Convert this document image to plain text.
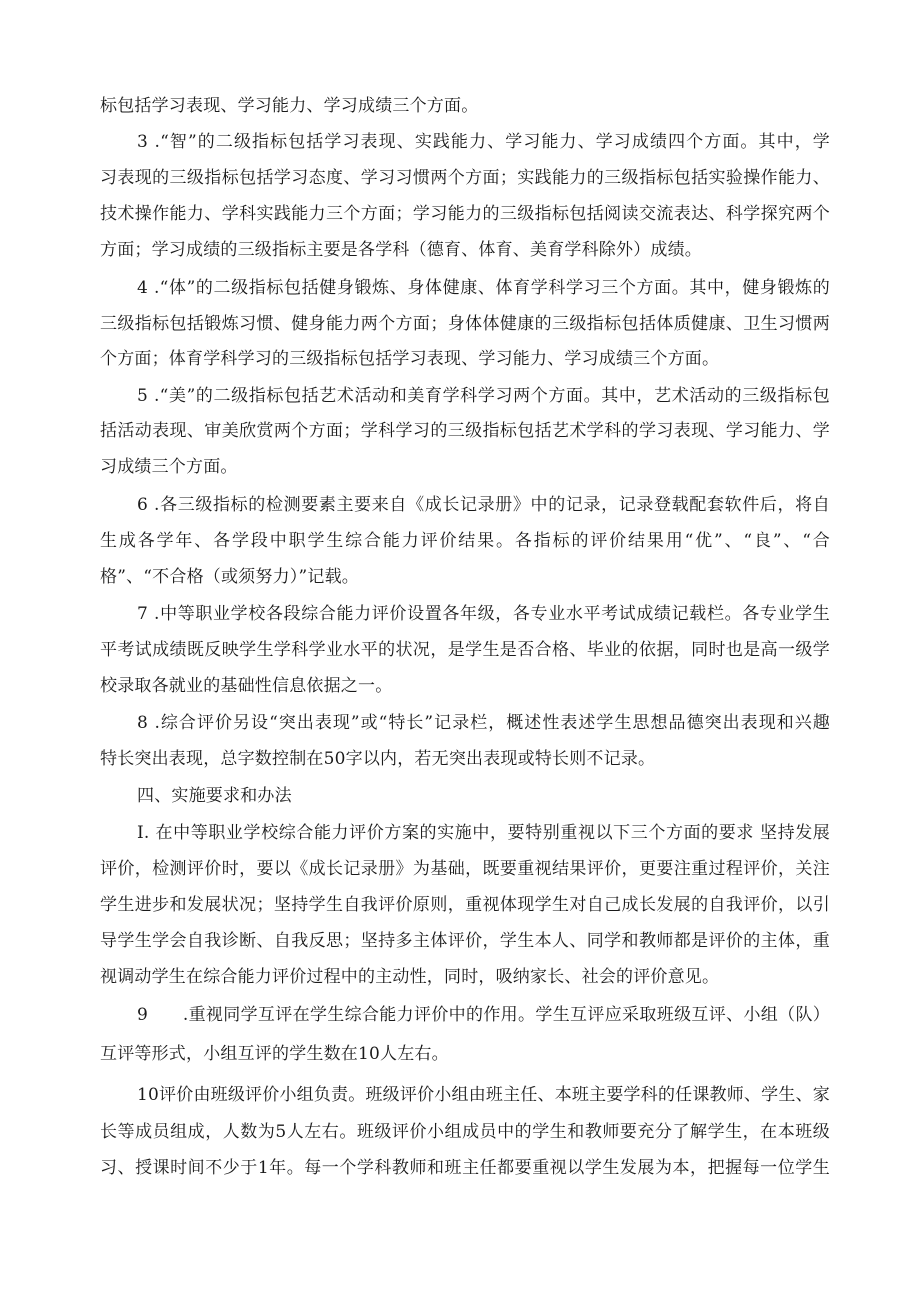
标包括学习表现、学习能力、学习成绩三个方面。
3 .“智”的二级指标包括学习表现、实践能力、学习能力、学习成绩四个方面。其中，学
习表现的三级指标包括学习态度、学习习惯两个方面；实践能力的三级指标包括实验操作能力、
技术操作能力、学科实践能力三个方面；学习能力的三级指标包括阅读交流表达、科学探究两个
方面；学习成绩的三级指标主要是各学科（德育、体育、美育学科除外）成绩。
4 .“体”的二级指标包括健身锻炼、身体健康、体育学科学习三个方面。其中，健身锻炼的
三级指标包括锻炼习惯、健身能力两个方面；身体体健康的三级指标包括体质健康、卫生习惯两
个方面；体育学科学习的三级指标包括学习表现、学习能力、学习成绩三个方面。
5 .“美”的二级指标包括艺术活动和美育学科学习两个方面。其中，艺术活动的三级指标包
括活动表现、审美欣赏两个方面；学科学习的三级指标包括艺术学科的学习表现、学习能力、学
习成绩三个方面。
6 .各三级指标的检测要素主要来自《成长记录册》中的记录，记录登载配套软件后，将自
生成各学年、各学段中职学生综合能力评价结果。各指标的评价结果用“优”、“良”、“合
格”、“不合格（或须努力）”记载。
7 .中等职业学校各段综合能力评价设置各年级，各专业水平考试成绩记载栏。各专业学生
平考试成绩既反映学生学科学业水平的状况，是学生是否合格、毕业的依据，同时也是高一级学
校录取各就业的基础性信息依据之一。
8 .综合评价另设“突出表现”或“特长”记录栏，概述性表述学生思想品德突出表现和兴趣
特长突出表现，总字数控制在50字以内，若无突出表现或特长则不记录。
四、实施要求和办法
I. 在中等职业学校综合能力评价方案的实施中，要特别重视以下三个方面的要求 坚持发展
评价，检测评价时，要以《成长记录册》为基础，既要重视结果评价，更要注重过程评价，关注
学生进步和发展状况；坚持学生自我评价原则，重视体现学生对自己成长发展的自我评价，以引
导学生学会自我诊断、自我反思；坚持多主体评价，学生本人、同学和教师都是评价的主体，重
视调动学生在综合能力评价过程中的主动性，同时，吸纳家长、社会的评价意见。
9　　.重视同学互评在学生综合能力评价中的作用。学生互评应采取班级互评、小组（队）
互评等形式，小组互评的学生数在10人左右。
10评价由班级评价小组负责。班级评价小组由班主任、本班主要学科的任课教师、学生、家
长等成员组成，人数为5人左右。班级评价小组成员中的学生和教师要充分了解学生，在本班级
习、授课时间不少于1年。每一个学科教师和班主任都要重视以学生发展为本，把握每一位学生
